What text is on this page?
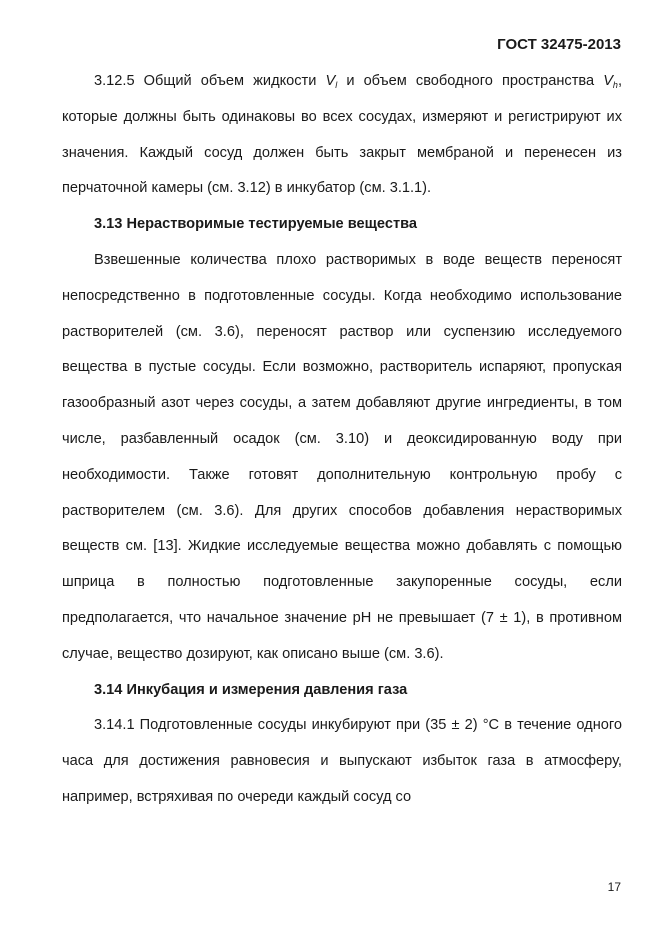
ГОСТ 32475-2013

3.12.5 Общий объем жидкости $V_l$ и объем свободного пространства $V_h$, которые должны быть одинаковы во всех сосудах, измеряют и регистрируют их значения. Каждый сосуд должен быть закрыт мембраной и перенесен из перчаточной камеры (см. 3.12) в инкубатор (см. 3.1.1).

3.13 Нерастворимые тестируемые вещества

Взвешенные количества плохо растворимых в воде веществ переносят непосредственно в подготовленные сосуды. Когда необходимо использование растворителей (см. 3.6), переносят раствор или суспензию исследуемого вещества в пустые сосуды. Если возможно, растворитель испаряют, пропуская газообразный азот через сосуды, а затем добавляют другие ингредиенты, в том числе, разбавленный осадок (см. 3.10) и деоксидированную воду при необходимости. Также готовят дополнительную контрольную пробу с растворителем (см. 3.6). Для других способов добавления нерастворимых веществ см. [13]. Жидкие исследуемые вещества можно добавлять с помощью шприца в полностью подготовленные закупоренные сосуды, если предполагается, что начальное значение pH не превышает (7 ± 1), в противном случае, вещество дозируют, как описано выше (см. 3.6).

3.14 Инкубация и измерения давления газа

3.14.1 Подготовленные сосуды инкубируют при (35 ± 2) °С в течение одного часа для достижения равновесия и выпускают избыток газа в атмосферу, например, встряхивая по очереди каждый сосуд со

17
